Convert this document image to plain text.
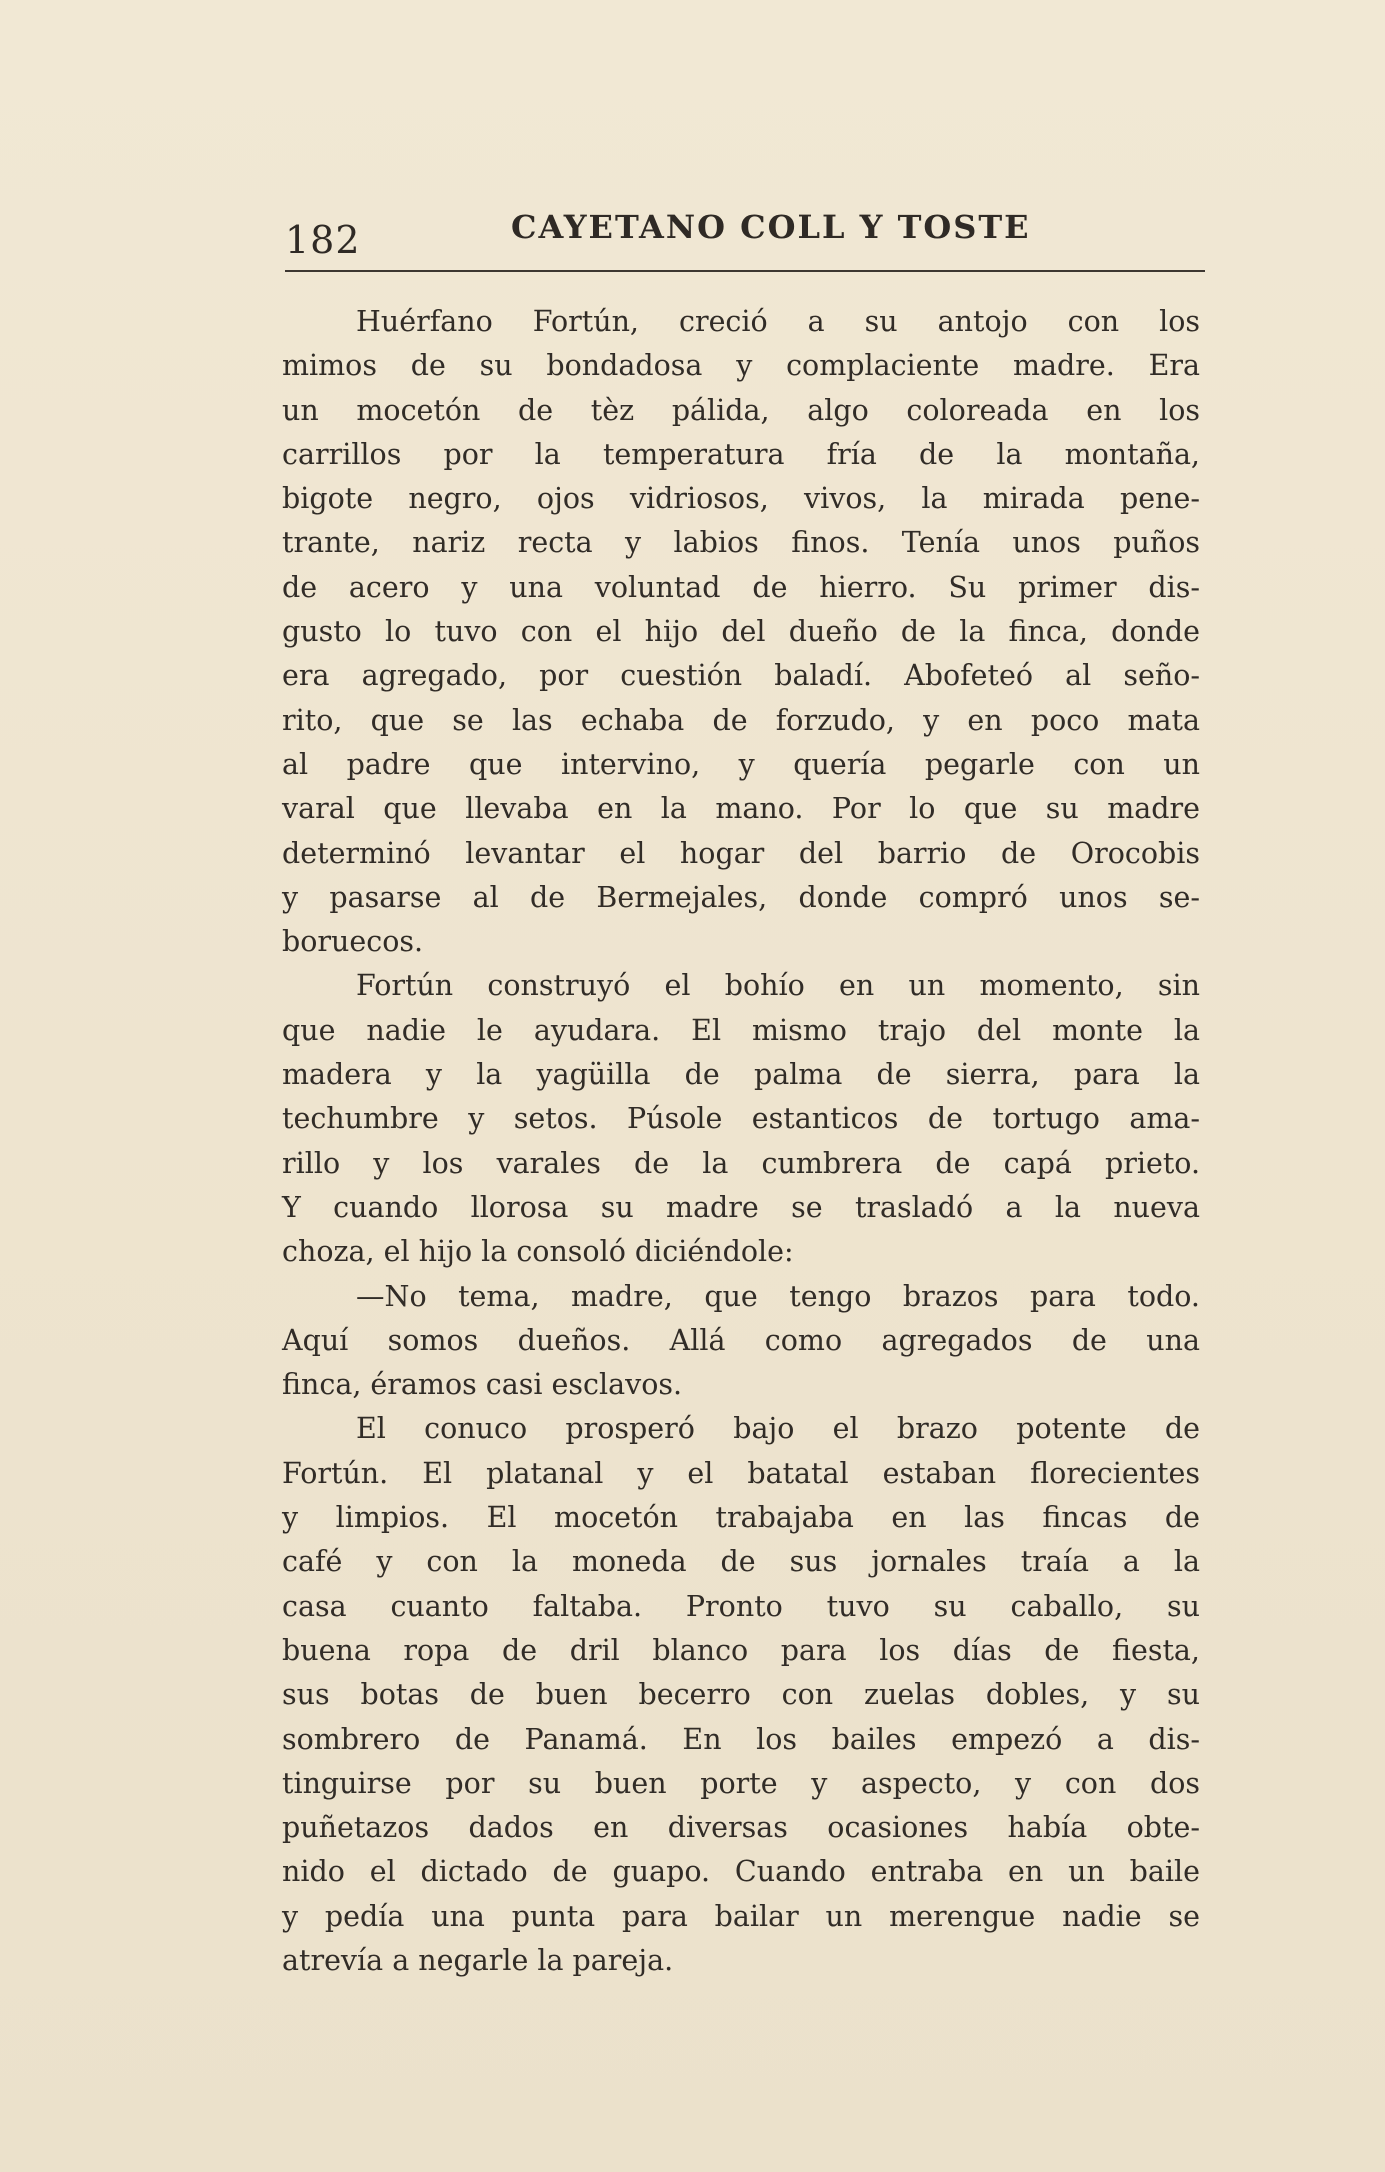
182	CAYETANO COLL Y TOSTE
Huérfano Fortún, creció a su antojo con los
mimos de su bondadosa y complaciente madre. Era
un mocetón de tèz pálida, algo coloreada en los
carrillos por la temperatura fría de la montaña,
bigote negro, ojos vidriosos, vivos, la mirada pene-
trante, nariz recta y labios finos. Tenía unos puños
de acero y una voluntad de hierro. Su primer dis-
gusto lo tuvo con el hijo del dueño de la finca, donde
era agregado, por cuestión baladí. Abofeteó al seño-
rito, que se las echaba de forzudo, y en poco mata
al padre que intervino, y quería pegarle con un
varal que llevaba en la mano. Por lo que su madre
determinó levantar el hogar del barrio de Orocobis
y pasarse al de Bermejales, donde compró unos se-
boruecos.
Fortún construyó el bohío en un momento, sin
que nadie le ayudara. El mismo trajo del monte la
madera y la yagüilla de palma de sierra, para la
techumbre y setos. Púsole estanticos de tortugo ama-
rillo y los varales de la cumbrera de capá prieto.
Y cuando llorosa su madre se trasladó a la nueva
choza, el hijo la consoló diciéndole:
—No tema, madre, que tengo brazos para todo.
Aquí somos dueños. Allá como agregados de una
finca, éramos casi esclavos.
El conuco prosperó bajo el brazo potente de
Fortún. El platanal y el batatal estaban florecientes
y limpios. El mocetón trabajaba en las fincas de
café y con la moneda de sus jornales traía a la
casa cuanto faltaba. Pronto tuvo su caballo, su
buena ropa de dril blanco para los días de fiesta,
sus botas de buen becerro con zuelas dobles, y su
sombrero de Panamá. En los bailes empezó a dis-
tinguirse por su buen porte y aspecto, y con dos
puñetazos dados en diversas ocasiones había obte-
nido el dictado de guapo. Cuando entraba en un baile
y pedía una punta para bailar un merengue nadie se
atrevía a negarle la pareja.
